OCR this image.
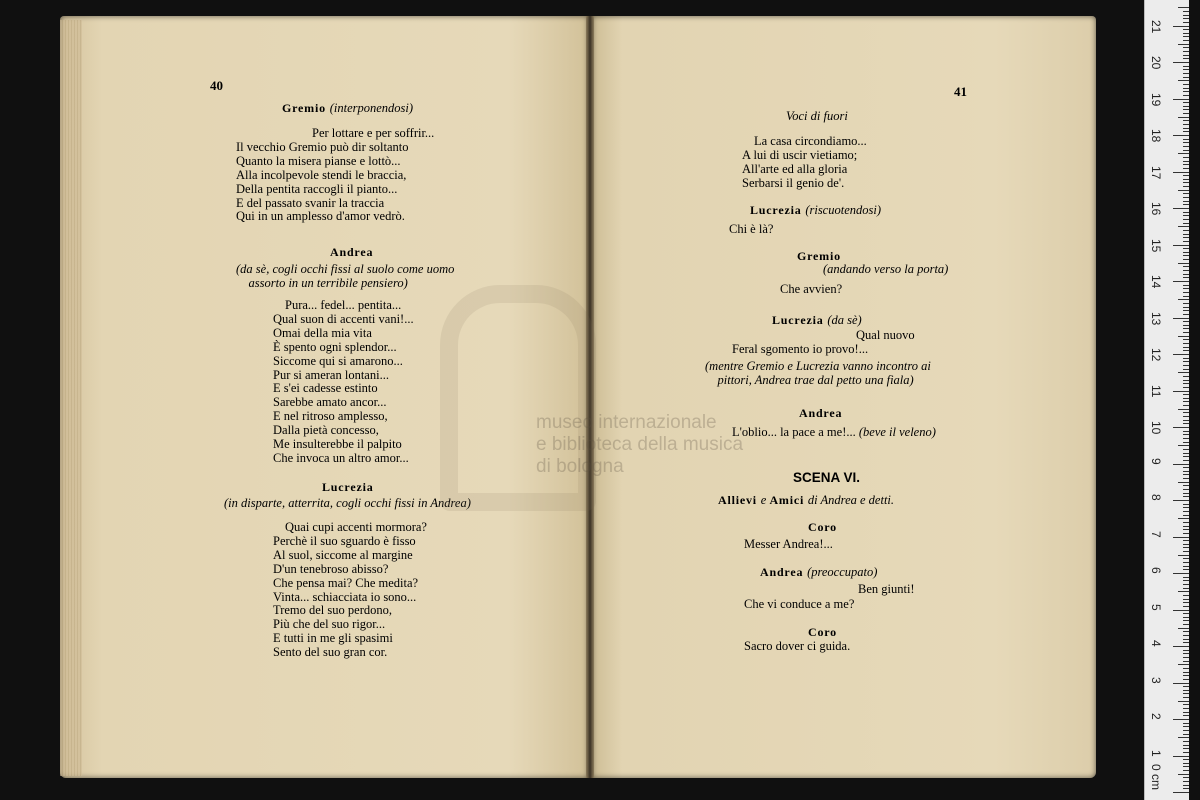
40
Gremio (interponendosi)
Per lottare e per soffrir...
Il vecchio Gremio può dir soltanto
Quanto la misera pianse e lottò...
Alla incolpevole stendi le braccia,
Della pentita raccogli il pianto...
E del passato svanir la traccia
Qui in un amplesso d'amor vedrò.
Andrea
(da sè, cogli occhi fissi al suolo come uomo
assorto in un terribile pensiero)
Pura... fedel... pentita...
Qual suon di accenti vani!...
Omai della mia vita
È spento ogni splendor...
Siccome qui si amarono...
Pur si ameran lontani...
E s'ei cadesse estinto
Sarebbe amato ancor...
E nel ritroso amplesso,
Dalla pietà concesso,
Me insulterebbe il palpito
Che invoca un altro amor...
Lucrezia
(in disparte, atterrita, cogli occhi fissi in Andrea)
Quai cupi accenti mormora?
Perchè il suo sguardo è fisso
Al suol, siccome al margine
D'un tenebroso abisso?
Che pensa mai? Che medita?
Vinta... schiacciata io sono...
Tremo del suo perdono,
Più che del suo rigor...
E tutti in me gli spasimi
Sento del suo gran cor.
41
Voci di fuori
La casa circondiamo...
A lui di uscir vietiamo;
All'arte ed alla gloria
Serbarsi il genio de'.
Lucrezia (riscuotendosi)
Chi è là?
Gremio
(andando verso la porta)
Che avvien?
Lucrezia (da sè)
Qual nuovo
Feral sgomento io provo!...
(mentre Gremio e Lucrezia vanno incontro ai
pittori, Andrea trae dal petto una fiala)
Andrea
L'oblio... la pace a me!... (beve il veleno)
SCENA VI.
Allievi e Amici di Andrea e detti.
Coro
Messer Andrea!...
Andrea (preoccupato)
Ben giunti!
Che vi conduce a me?
Coro
Sacro dover ci guida.
museo internazionale
e biblioteca della musica
di bologna
0 cm
1
2
3
4
5
6
7
8
9
10
11
12
13
14
15
16
17
18
19
20
21
